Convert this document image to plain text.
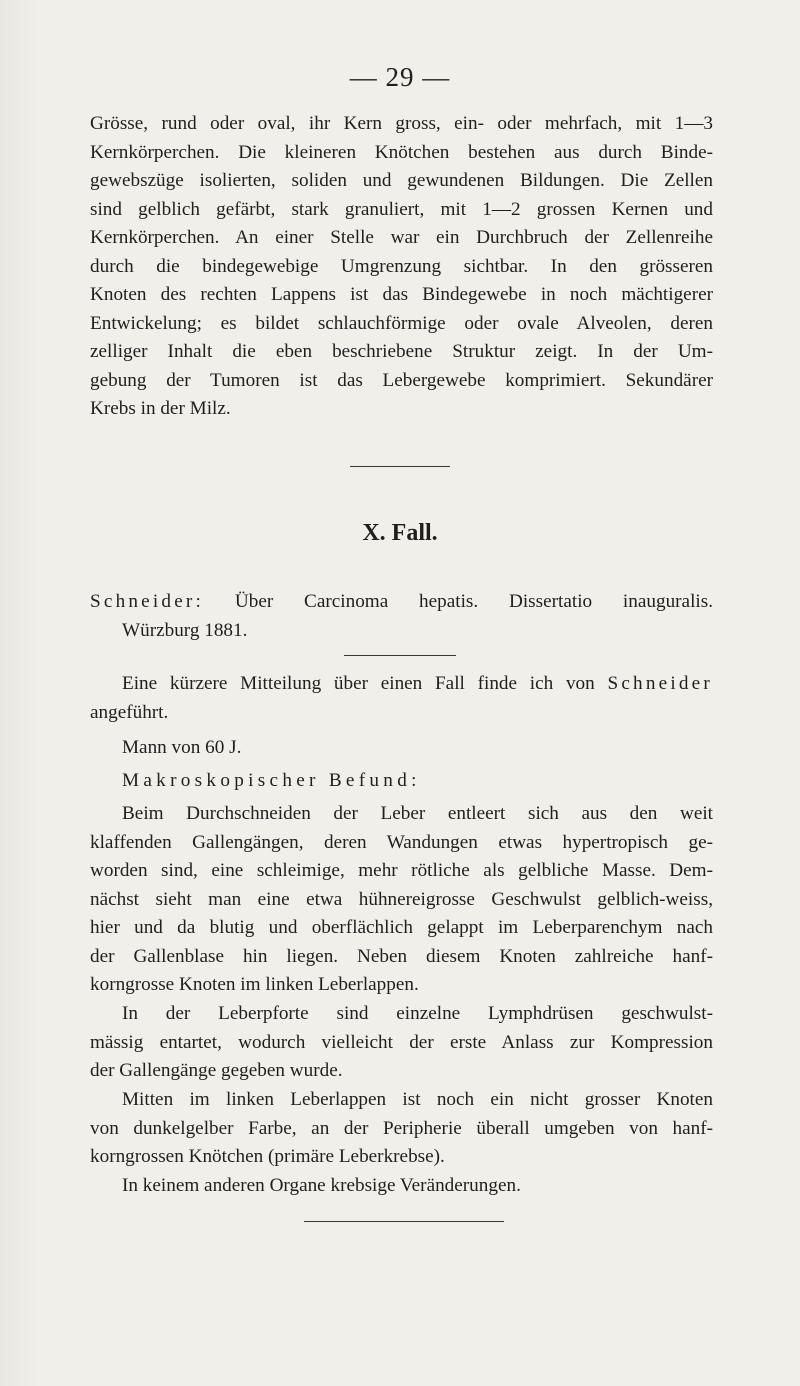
— 29 —
Grösse, rund oder oval, ihr Kern gross, ein- oder mehrfach, mit 1—3
Kernkörperchen. Die kleineren Knötchen bestehen aus durch Binde-
gewebszüge isolierten, soliden und gewundenen Bildungen. Die Zellen
sind gelblich gefärbt, stark granuliert, mit 1—2 grossen Kernen und
Kernkörperchen. An einer Stelle war ein Durchbruch der Zellenreihe
durch die bindegewebige Umgrenzung sichtbar. In den grösseren
Knoten des rechten Lappens ist das Bindegewebe in noch mächtigerer
Entwickelung; es bildet schlauchförmige oder ovale Alveolen, deren
zelliger Inhalt die eben beschriebene Struktur zeigt. In der Um-
gebung der Tumoren ist das Lebergewebe komprimiert. Sekundärer
Krebs in der Milz.
X. Fall.
Schneider: Über Carcinoma hepatis. Dissertatio inauguralis.
Würzburg 1881.
Eine kürzere Mitteilung über einen Fall finde ich von Schneider
angeführt.
Mann von 60 J.
Makroskopischer Befund:
Beim Durchschneiden der Leber entleert sich aus den weit
klaffenden Gallengängen, deren Wandungen etwas hypertropisch ge-
worden sind, eine schleimige, mehr rötliche als gelbliche Masse. Dem-
nächst sieht man eine etwa hühnereigrosse Geschwulst gelblich-weiss,
hier und da blutig und oberflächlich gelappt im Leberparenchym nach
der Gallenblase hin liegen. Neben diesem Knoten zahlreiche hanf-
korngrosse Knoten im linken Leberlappen.
In der Leberpforte sind einzelne Lymphdrüsen geschwulst-
mässig entartet, wodurch vielleicht der erste Anlass zur Kompression
der Gallengänge gegeben wurde.
Mitten im linken Leberlappen ist noch ein nicht grosser Knoten
von dunkelgelber Farbe, an der Peripherie überall umgeben von hanf-
korngrossen Knötchen (primäre Leberkrebse).
In keinem anderen Organe krebsige Veränderungen.
